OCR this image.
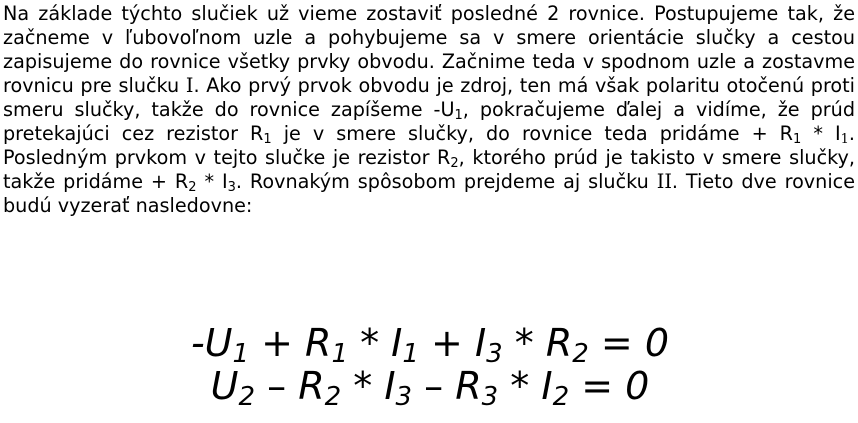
Na základe týchto slučiek už vieme zostaviť posledné 2 rovnice. Postupujeme tak, že začneme v ľubovoľnom uzle a pohybujeme sa v smere orientácie slučky a cestou zapisujeme do rovnice všetky prvky obvodu. Začnime teda v spodnom uzle a zostavme rovnicu pre slučku I. Ako prvý prvok obvodu je zdroj, ten má však polaritu otočenú proti smeru slučky, takže do rovnice zapíšeme $-U_1$, pokračujeme ďalej a vidíme, že prúd pretekajúci cez rezistor $R_1$ je v smere slučky, do rovnice teda pridáme + $R_1 * I_1$. Posledným prvkom v tejto slučke je rezistor $R_2$, ktorého prúd je takisto v smere slučky, takže pridáme + $R_2 * I_3$. Rovnakým spôsobom prejdeme aj slučku II. Tieto dve rovnice budú vyzerať nasledovne:

$-U_1 + R_1 * I_1 + I_3 * R_2 = 0$
$U_2 - R_2 * I_3 - R_3 * I_2 = 0$
